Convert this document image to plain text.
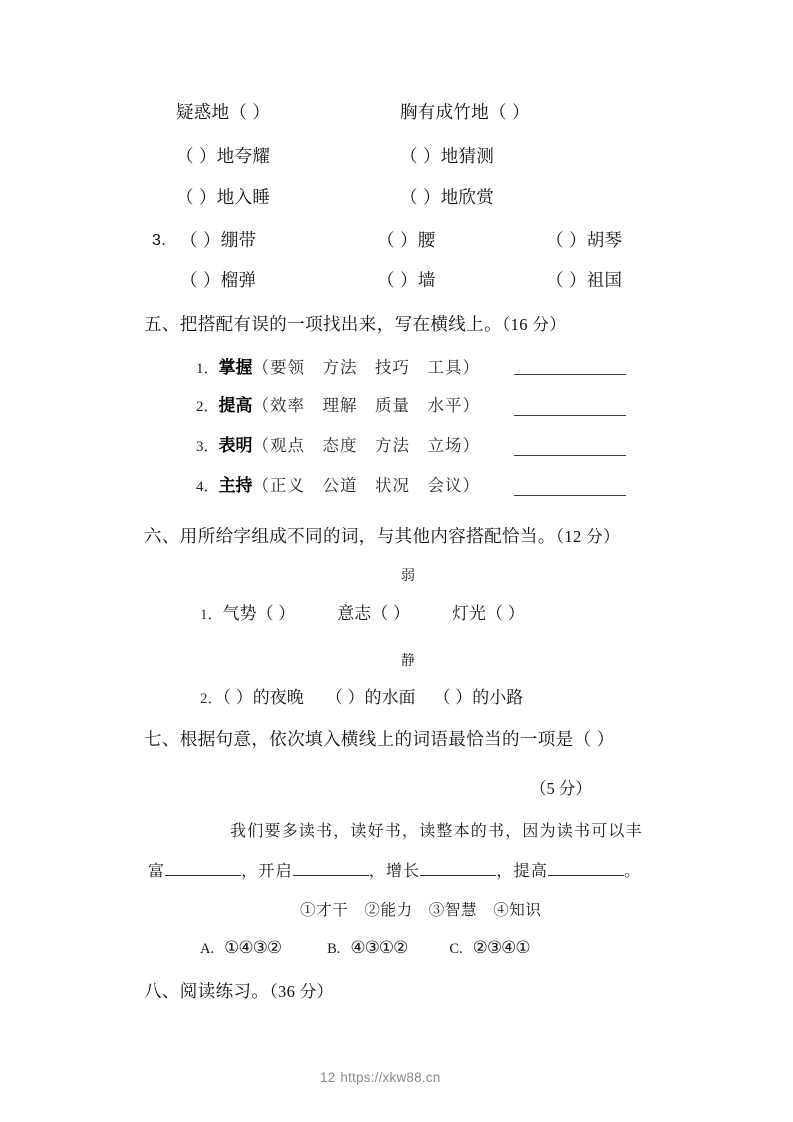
疑惑地（ ）	胸有成竹地（ ）
（ ）地夸耀	（ ）地猜测
（ ）地入睡	（ ）地欣赏
3. （ ）绷带	（ ）腰	（ ）胡琴
（ ）榴弹	（ ）墙	（ ）祖国
五、把搭配有误的一项找出来，写在横线上。（16 分）
1．掌握（要领　方法　技巧　工具）
2．提高（效率　理解　质量　水平）
3．表明（观点　态度　方法　立场）
4．主持（正义　公道　状况　会议）
六、用所给字组成不同的词，与其他内容搭配恰当。（12 分）
弱
1．气势（ ） 意志（ ） 灯光（ ）
静
2．（ ）的夜晚 （ ）的水面 （ ）的小路
七、根据句意，依次填入横线上的词语最恰当的一项是（ ）
（5 分）
我们要多读书，读好书，读整本的书，因为读书可以丰
富	，开启	，增长	，提高	。
①才干　②能力　③智慧　④知识
A. ①④③②	B. ④③①②	C. ②③④①
八、阅读练习。（36 分）
12 https://xkw88.cn
